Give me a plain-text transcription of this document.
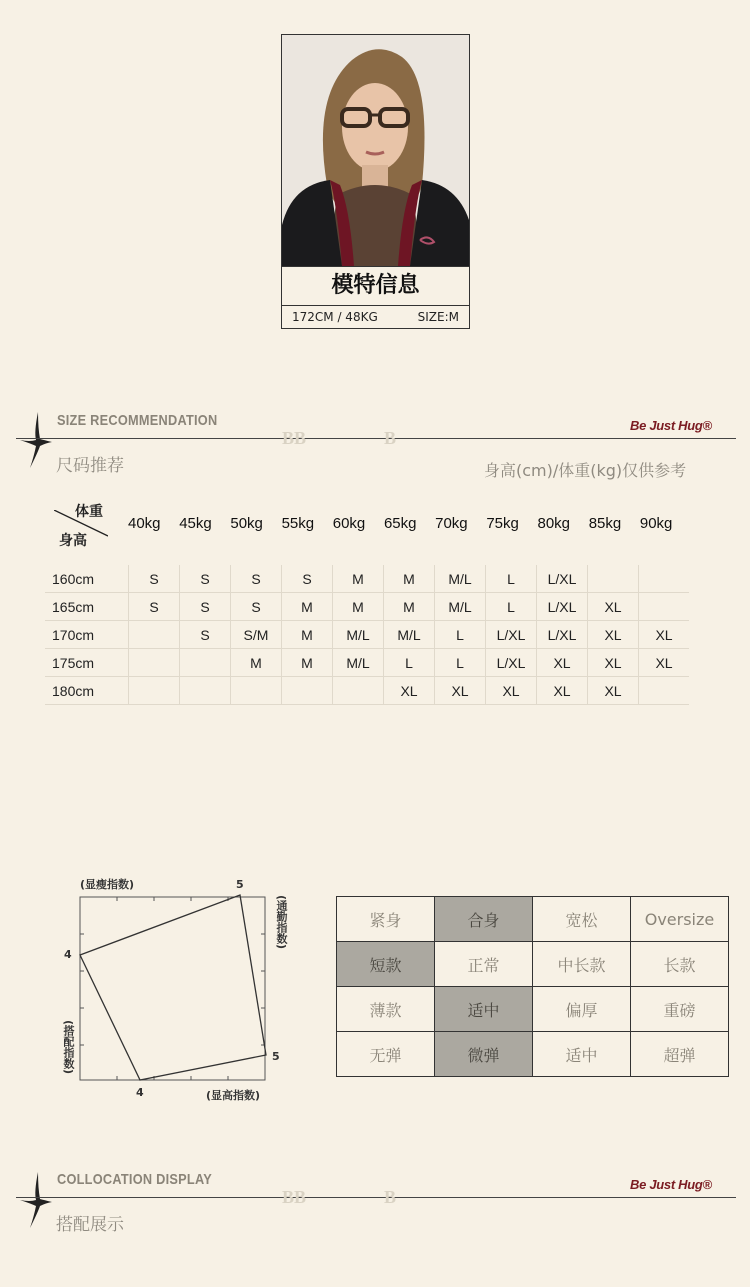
模特信息
172CM / 48KG	SIZE:M
SIZE RECOMMENDATION
尺码推荐
BB	B
Be Just Hug®
身高(cm)/体重(kg)仅供参考
体重
身高
40kg 45kg 50kg 55kg 60kg 65kg 70kg 75kg 80kg 85kg 90kg
160cm	S	S	S	S	M	M	M/L	L	L/XL		
165cm	S	S	S	M	M	M	M/L	L	L/XL	XL	
170cm		S	S/M	M	M/L	M/L	L	L/XL	L/XL	XL	XL
175cm			M	M	M/L	L	L	L/XL	XL	XL	XL
180cm						XL	XL	XL	XL	XL	
(显瘦指数)	5
4
5
4	(显高指数)
(通勤指数)
(搭配指数)
紧身	合身	宽松	Oversize
短款	正常	中长款	长款
薄款	适中	偏厚	重磅
无弹	微弹	适中	超弹
COLLOCATION DISPLAY
搭配展示
BB	B
Be Just Hug®
